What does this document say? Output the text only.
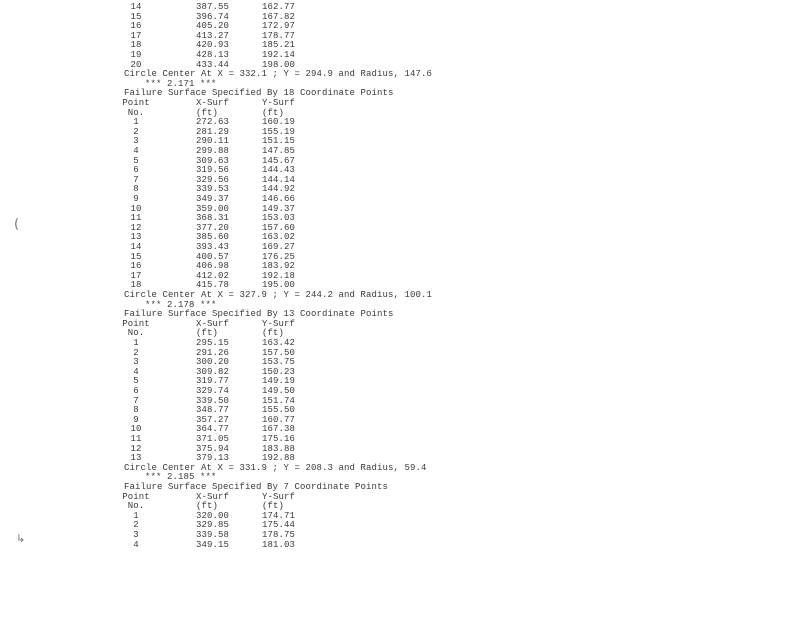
14	387.55	162.77
15	396.74	167.82
16	405.20	172.97
17	413.27	178.77
18	420.93	185.21
19	428.13	192.14
20	433.44	198.00
Circle Center At X = 332.1 ; Y = 294.9 and Radius, 147.6
*** 2.171 ***
Failure Surface Specified By 18 Coordinate Points
Point	X-Surf	Y-Surf
No.	(ft)	(ft)
1	272.63	160.19
2	281.29	155.19
3	290.11	151.15
4	299.88	147.85
5	309.63	145.67
6	319.56	144.43
7	329.56	144.14
8	339.53	144.92
9	349.37	146.66
10	359.00	149.37
11	368.31	153.03
12	377.20	157.60
13	385.60	163.02
14	393.43	169.27
15	400.57	176.25
16	406.98	183.92
17	412.02	192.18
18	415.78	195.00
Circle Center At X = 327.9 ; Y = 244.2 and Radius, 100.1
*** 2.178 ***
Failure Surface Specified By 13 Coordinate Points
Point	X-Surf	Y-Surf
No.	(ft)	(ft)
1	295.15	163.42
2	291.26	157.50
3	300.20	153.75
4	309.82	150.23
5	319.77	149.19
6	329.74	149.50
7	339.50	151.74
8	348.77	155.50
9	357.27	160.77
10	364.77	167.38
11	371.05	175.16
12	375.94	183.88
13	379.13	192.88
Circle Center At X = 331.9 ; Y = 208.3 and Radius, 59.4
*** 2.185 ***
Failure Surface Specified By 7 Coordinate Points
Point	X-Surf	Y-Surf
No.	(ft)	(ft)
1	320.00	174.71
2	329.85	175.44
3	339.58	178.75
4	349.15	181.03
(
↳
